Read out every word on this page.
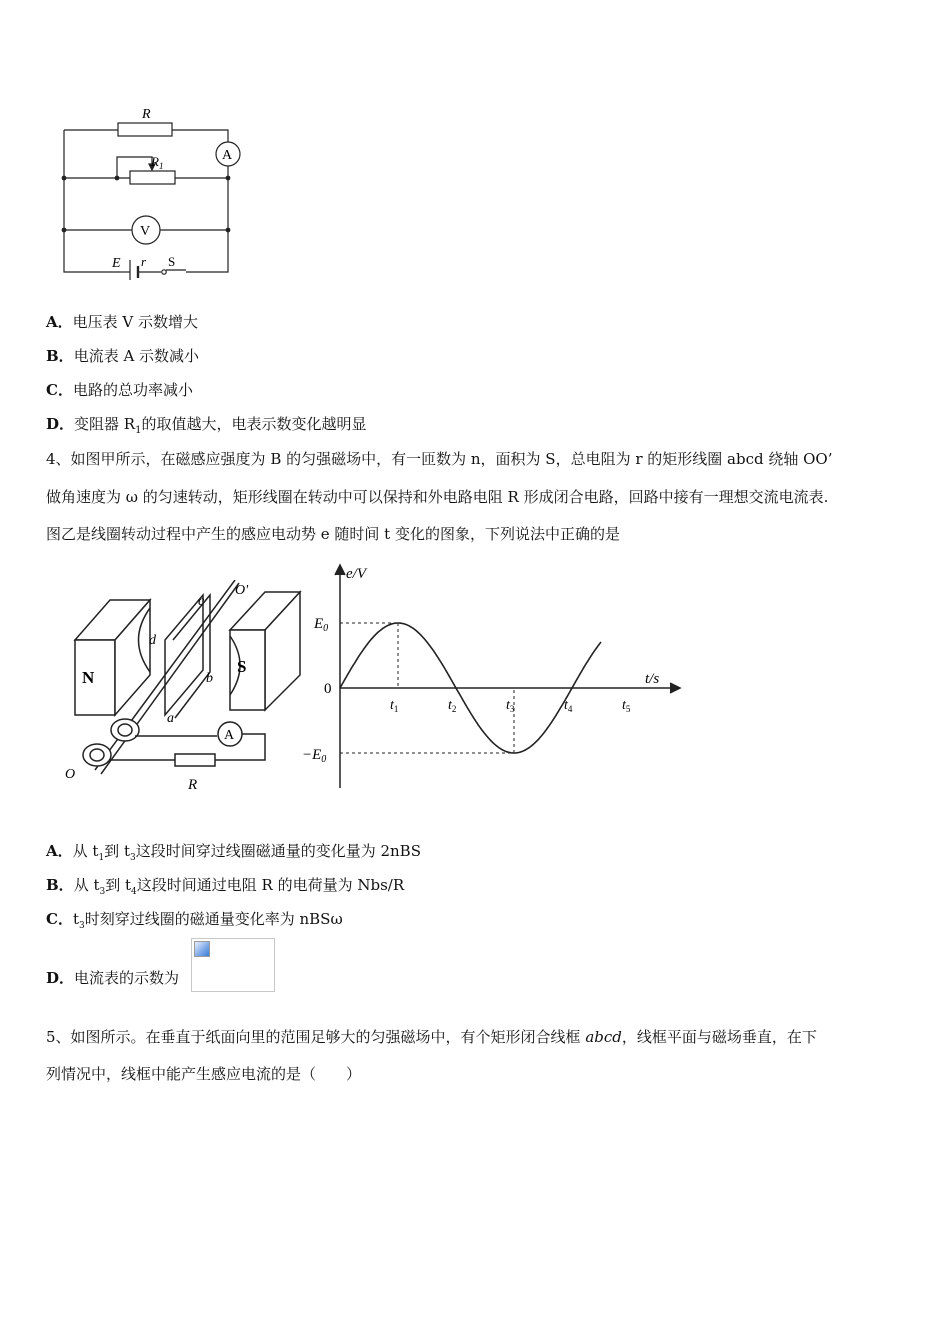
R
$R_1$
A
V
E r S
A．电压表 V 示数增大
B．电流表 A 示数减小
C．电路的总功率减小
D．变阻器 $R_1$的取值越大，电表示数变化越明显
4、如图甲所示，在磁感应强度为 B 的匀强磁场中，有一匝数为 n，面积为 S，总电阻为 r 的矩形线圈 abcd 绕轴 OO’
做角速度为 ω 的匀速转动，矩形线圈在转动中可以保持和外电路电阻 R 形成闭合电路，回路中接有一理想交流电流表.
图乙是线圈转动过程中产生的感应电动势 e 随时间 t 变化的图象，下列说法中正确的是
N
S
d
c
b
a
O'
O
A
R
$t_1$	$t_2$	$t_3$	$t_4$	$t_5$
e/V
t/s
$E_0$
0
$-E_0$
A．从 $t_1$到 $t_3$这段时间穿过线圈磁通量的变化量为 2nBS
B．从 $t_3$到 $t_4$这段时间通过电阻 R 的电荷量为 Nbs/R
C．$t_3$时刻穿过线圈的磁通量变化率为 nBSω
D．电流表的示数为
5、如图所示。在垂直于纸面向里的范围足够大的匀强磁场中，有个矩形闭合线框 abcd，线框平面与磁场垂直，在下
列情况中，线框中能产生感应电流的是（　　）
